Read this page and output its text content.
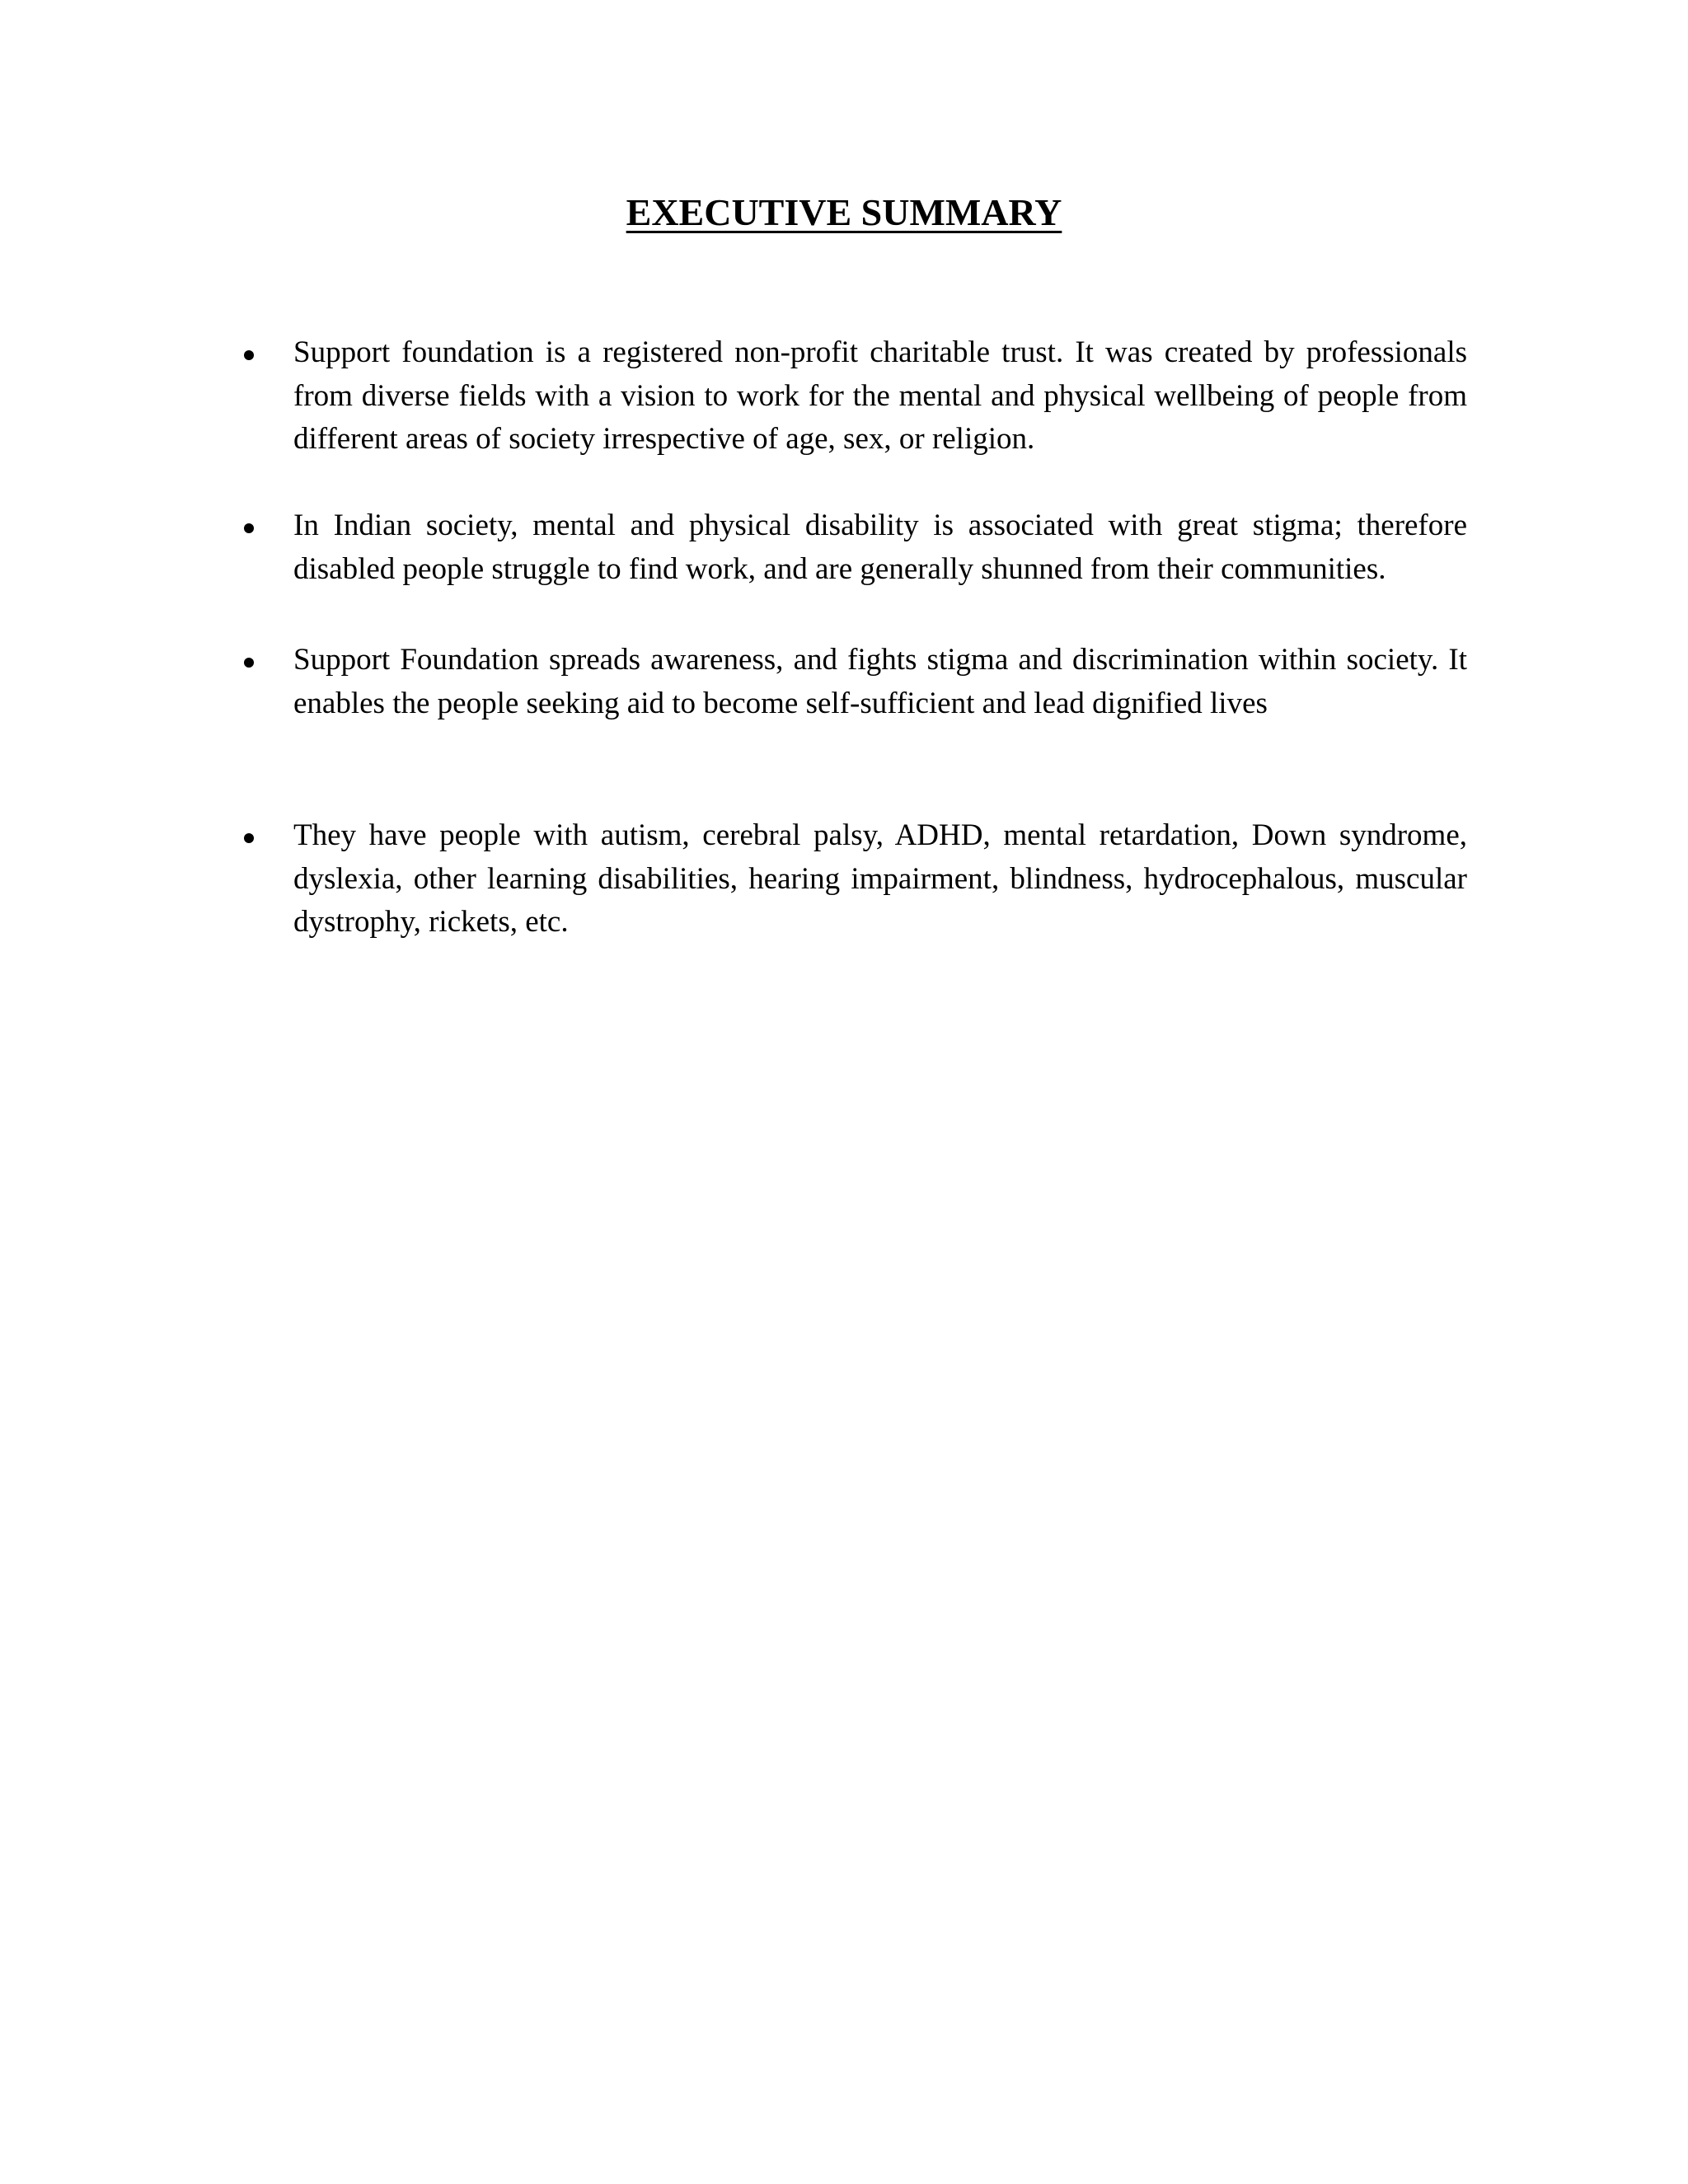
EXECUTIVE SUMMARY

Support foundation is a registered non-profit charitable trust. It was created by professionals from diverse fields with a vision to work for the mental and physical wellbeing of people from different areas of society irrespective of age, sex, or religion.

In Indian society, mental and physical disability is associated with great stigma; therefore disabled people struggle to find work, and are generally shunned from their communities.

Support Foundation spreads awareness, and fights stigma and discrimination within society. It enables the people seeking aid to become self-sufficient and lead dignified lives

They have people with autism, cerebral palsy, ADHD, mental retardation, Down syndrome, dyslexia, other learning disabilities, hearing impairment, blindness, hydrocephalous, muscular dystrophy, rickets, etc.
